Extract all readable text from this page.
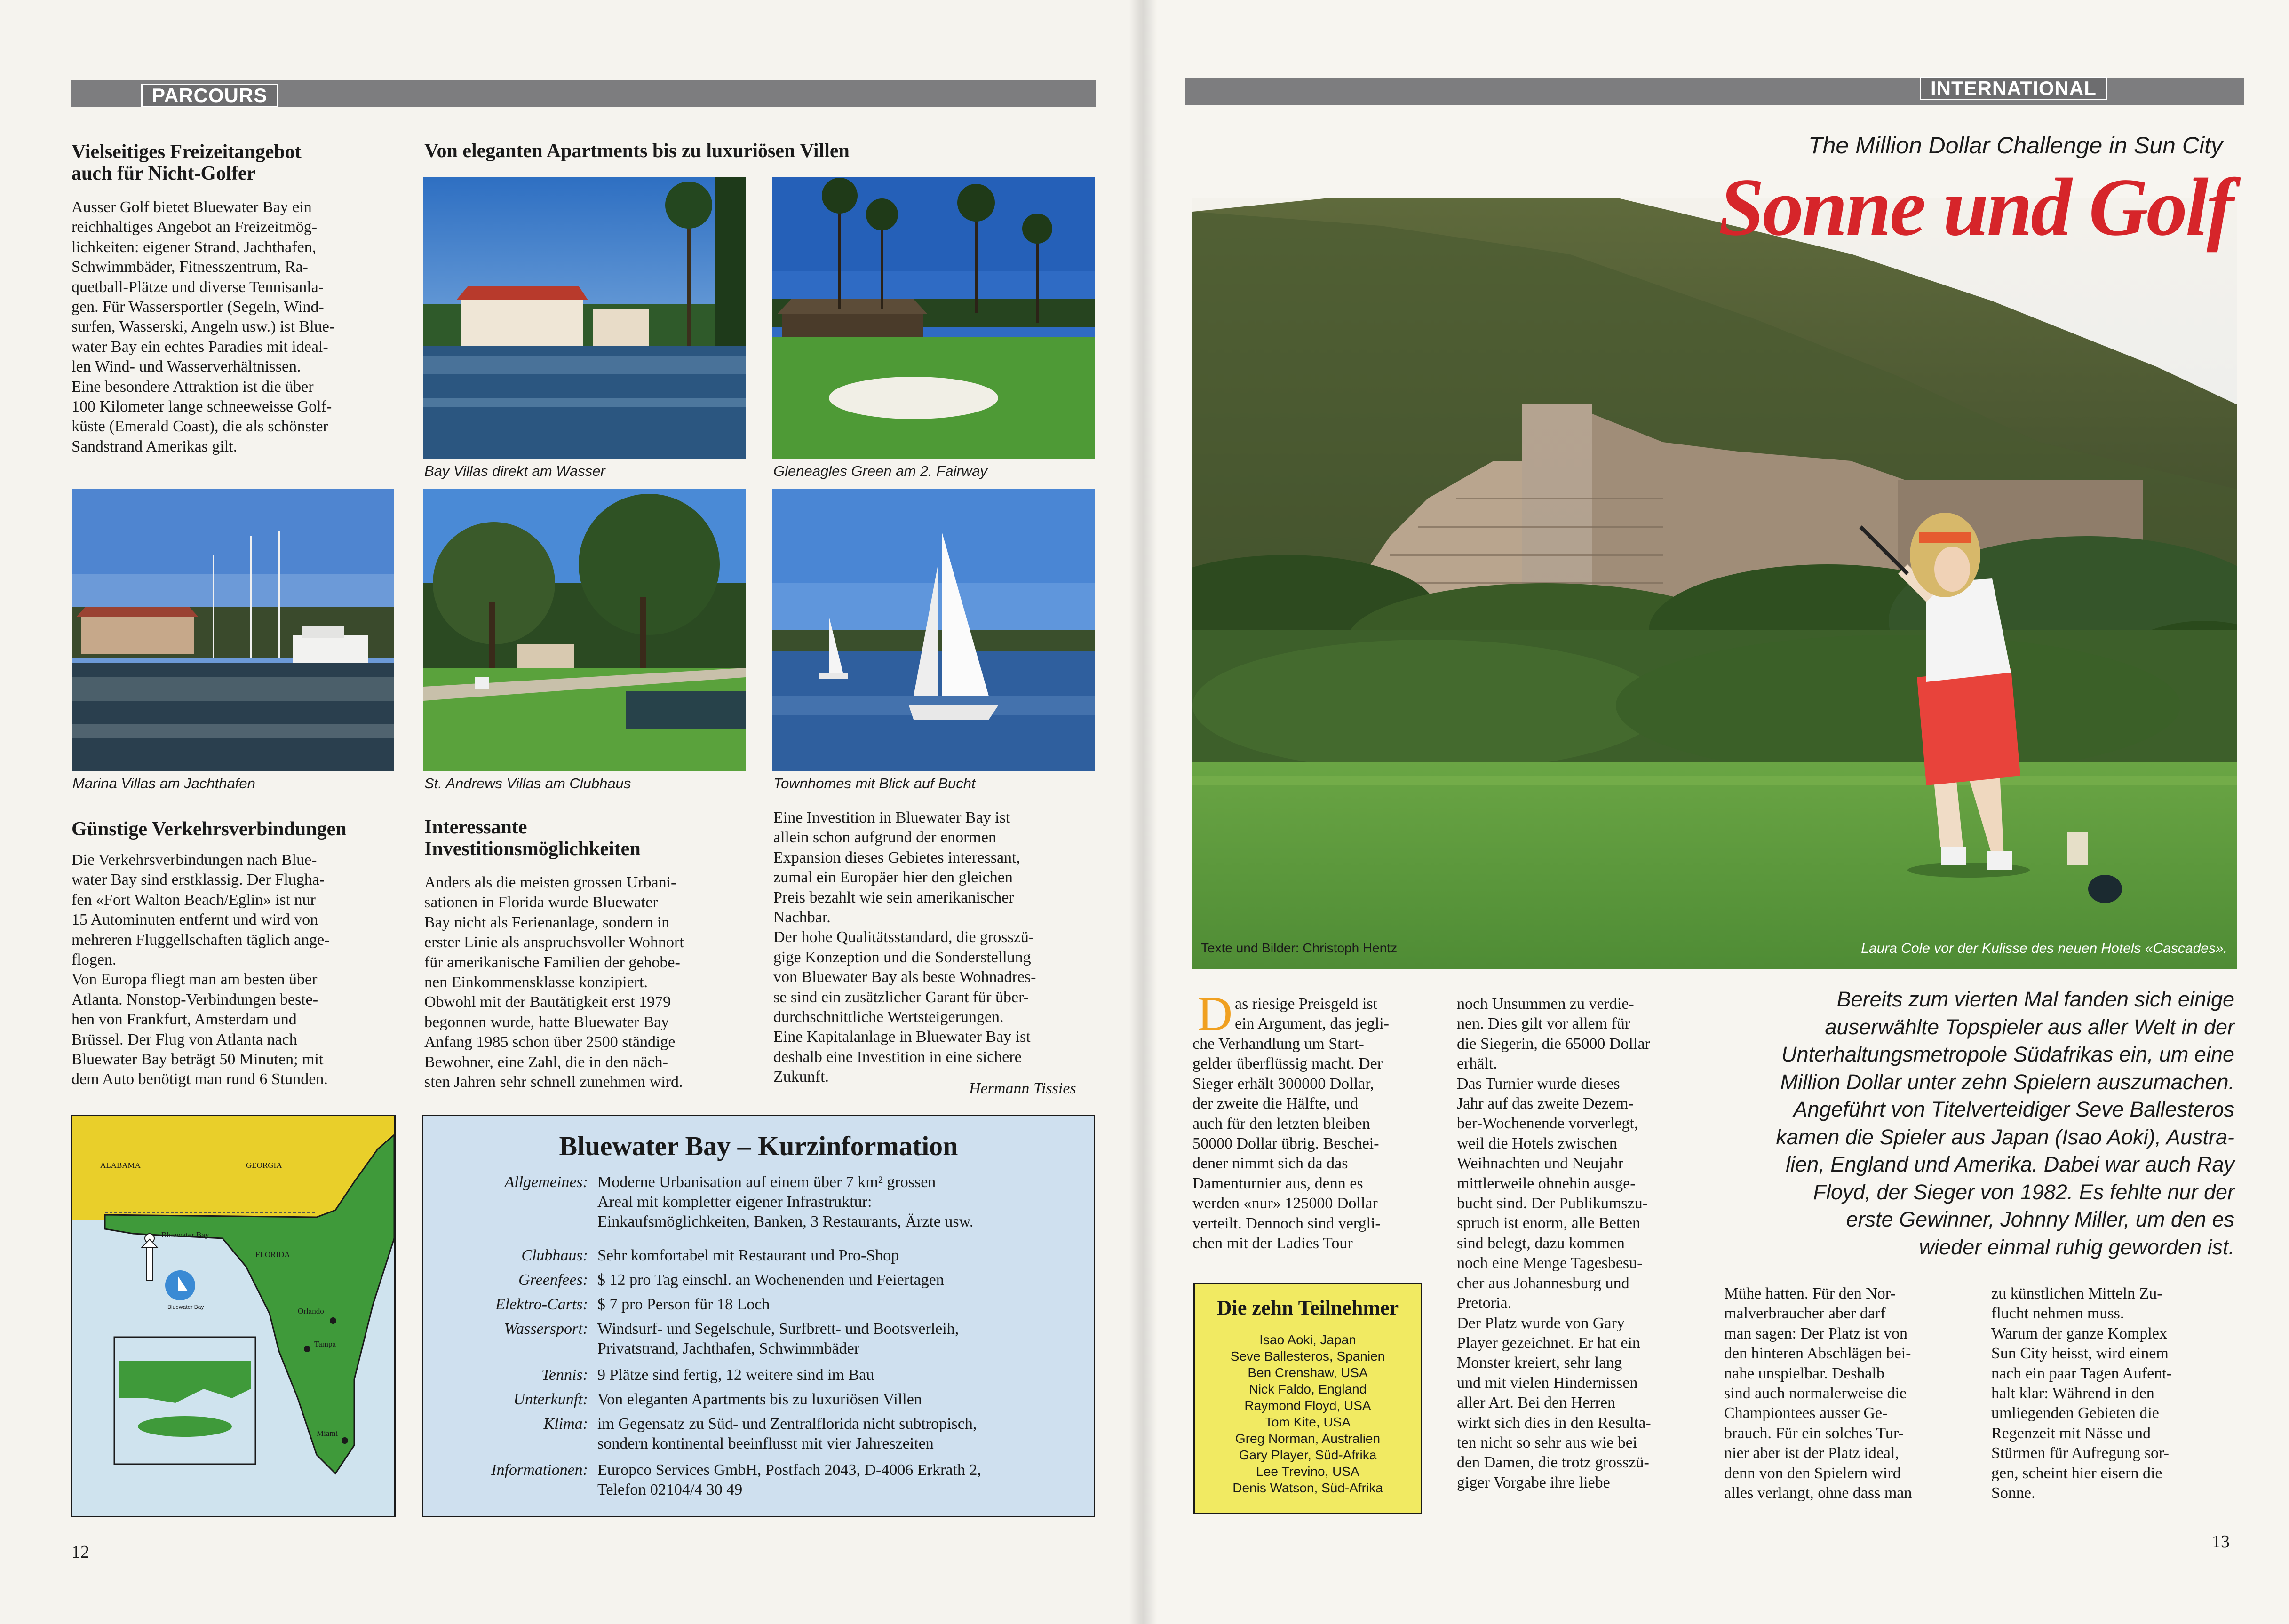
PARCOURS
Vielseitiges Freizeitangebot
auch für Nicht-Golfer
Ausser Golf bietet Bluewater Bay ein
reichhaltiges Angebot an Freizeitmög-
lichkeiten: eigener Strand, Jachthafen,
Schwimmbäder, Fitnesszentrum, Ra-
quetball-Plätze und diverse Tennisanla-
gen. Für Wassersportler (Segeln, Wind-
surfen, Wasserski, Angeln usw.) ist Blue-
water Bay ein echtes Paradies mit ideal-
len Wind- und Wasserverhältnissen.
Eine besondere Attraktion ist die über
100 Kilometer lange schneeweisse Golf-
küste (Emerald Coast), die als schönster
Sandstrand Amerikas gilt.
Günstige Verkehrsverbindungen
Die Verkehrsverbindungen nach Blue-
water Bay sind erstklassig. Der Flugha-
fen «Fort Walton Beach/Eglin» ist nur
15 Autominuten entfernt und wird von
mehreren Fluggellschaften täglich ange-
flogen.
Von Europa fliegt man am besten über
Atlanta. Nonstop-Verbindungen beste-
hen von Frankfurt, Amsterdam und
Brüssel. Der Flug von Atlanta nach
Bluewater Bay beträgt 50 Minuten; mit
dem Auto benötigt man rund 6 Stunden.
Von eleganten Apartments bis zu luxuriösen Villen
Bay Villas direkt am Wasser	Gleneagles Green am 2. Fairway
Marina Villas am Jachthafen	St. Andrews Villas am Clubhaus	Townhomes mit Blick auf Bucht
Interessante
Investitionsmöglichkeiten
Anders als die meisten grossen Urbani-
sationen in Florida wurde Bluewater
Bay nicht als Ferienanlage, sondern in
erster Linie als anspruchsvoller Wohnort
für amerikanische Familien der gehobe-
nen Einkommensklasse konzipiert.
Obwohl mit der Bautätigkeit erst 1979
begonnen wurde, hatte Bluewater Bay
Anfang 1985 schon über 2500 ständige
Bewohner, eine Zahl, die in den näch-
sten Jahren sehr schnell zunehmen wird.
Eine Investition in Bluewater Bay ist
allein schon aufgrund der enormen
Expansion dieses Gebietes interessant,
zumal ein Europäer hier den gleichen
Preis bezahlt wie sein amerikanischer
Nachbar.
Der hohe Qualitätsstandard, die grosszü-
gige Konzeption und die Sonderstellung
von Bluewater Bay als beste Wohnadres-
se sind ein zusätzlicher Garant für über-
durchschnittliche Wertsteigerungen.
Eine Kapitalanlage in Bluewater Bay ist
deshalb eine Investition in eine sichere
Zukunft.
Hermann Tissies
ALABAMA	GEORGIA
FLORIDA
Bluewater Bay
Orlando
Tampa
Miami
Bluewater Bay
Bluewater Bay – Kurzinformation
Allgemeines: Moderne Urbanisation auf einem über 7 km² grossen
Areal mit kompletter eigener Infrastruktur:
Einkaufsmöglichkeiten, Banken, 3 Restaurants, Ärzte usw.
Clubhaus: Sehr komfortabel mit Restaurant und Pro-Shop
Greenfees: $ 12 pro Tag einschl. an Wochenenden und Feiertagen
Elektro-Carts: $ 7 pro Person für 18 Loch
Wassersport: Windsurf- und Segelschule, Surfbrett- und Bootsverleih,
Privatstrand, Jachthafen, Schwimmbäder
Tennis: 9 Plätze sind fertig, 12 weitere sind im Bau
Unterkunft: Von eleganten Apartments bis zu luxuriösen Villen
Klima: im Gegensatz zu Süd- und Zentralflorida nicht subtropisch,
sondern kontinental beeinflusst mit vier Jahreszeiten
Informationen: Europco Services GmbH, Postfach 2043, D-4006 Erkrath 2,
Telefon 02104/4 30 49
12
INTERNATIONAL
The Million Dollar Challenge in Sun City
Sonne und Golf
Texte und Bilder: Christoph Hentz	Laura Cole vor der Kulisse des neuen Hotels «Cascades».
D as riesige Preisgeld ist
ein Argument, das jegli-
che Verhandlung um Start-
gelder überflüssig macht. Der
Sieger erhält 300000 Dollar,
der zweite die Hälfte, und
auch für den letzten bleiben
50000 Dollar übrig. Beschei-
dener nimmt sich da das
Damenturnier aus, denn es
werden «nur» 125000 Dollar
verteilt. Dennoch sind vergli-
chen mit der Ladies Tour
Die zehn Teilnehmer
Isao Aoki, Japan
Seve Ballesteros, Spanien
Ben Crenshaw, USA
Nick Faldo, England
Raymond Floyd, USA
Tom Kite, USA
Greg Norman, Australien
Gary Player, Süd-Afrika
Lee Trevino, USA
Denis Watson, Süd-Afrika
noch Unsummen zu verdie-
nen. Dies gilt vor allem für
die Siegerin, die 65000 Dollar
erhält.
Das Turnier wurde dieses
Jahr auf das zweite Dezem-
ber-Wochenende vorverlegt,
weil die Hotels zwischen
Weihnachten und Neujahr
mittlerweile ohnehin ausge-
bucht sind. Der Publikumszu-
spruch ist enorm, alle Betten
sind belegt, dazu kommen
noch eine Menge Tagesbesu-
cher aus Johannesburg und
Pretoria.
Der Platz wurde von Gary
Player gezeichnet. Er hat ein
Monster kreiert, sehr lang
und mit vielen Hindernissen
aller Art. Bei den Herren
wirkt sich dies in den Resulta-
ten nicht so sehr aus wie bei
den Damen, die trotz grosszü-
giger Vorgabe ihre liebe
Bereits zum vierten Mal fanden sich einige
auserwählte Topspieler aus aller Welt in der
Unterhaltungsmetropole Südafrikas ein, um eine
Million Dollar unter zehn Spielern auszumachen.
Angeführt von Titelverteidiger Seve Ballesteros
kamen die Spieler aus Japan (Isao Aoki), Austra-
lien, England und Amerika. Dabei war auch Ray
Floyd, der Sieger von 1982. Es fehlte nur der
erste Gewinner, Johnny Miller, um den es
wieder einmal ruhig geworden ist.
Mühe hatten. Für den Nor-
malverbraucher aber darf
man sagen: Der Platz ist von
den hinteren Abschlägen bei-
nahe unspielbar. Deshalb
sind auch normalerweise die
Championtees ausser Ge-
brauch. Für ein solches Tur-
nier aber ist der Platz ideal,
denn von den Spielern wird
alles verlangt, ohne dass man
zu künstlichen Mitteln Zu-
flucht nehmen muss.
Warum der ganze Komplex
Sun City heisst, wird einem
nach ein paar Tagen Aufent-
halt klar: Während in den
umliegenden Gebieten die
Regenzeit mit Nässe und
Stürmen für Aufregung sor-
gen, scheint hier eisern die
Sonne.
13
